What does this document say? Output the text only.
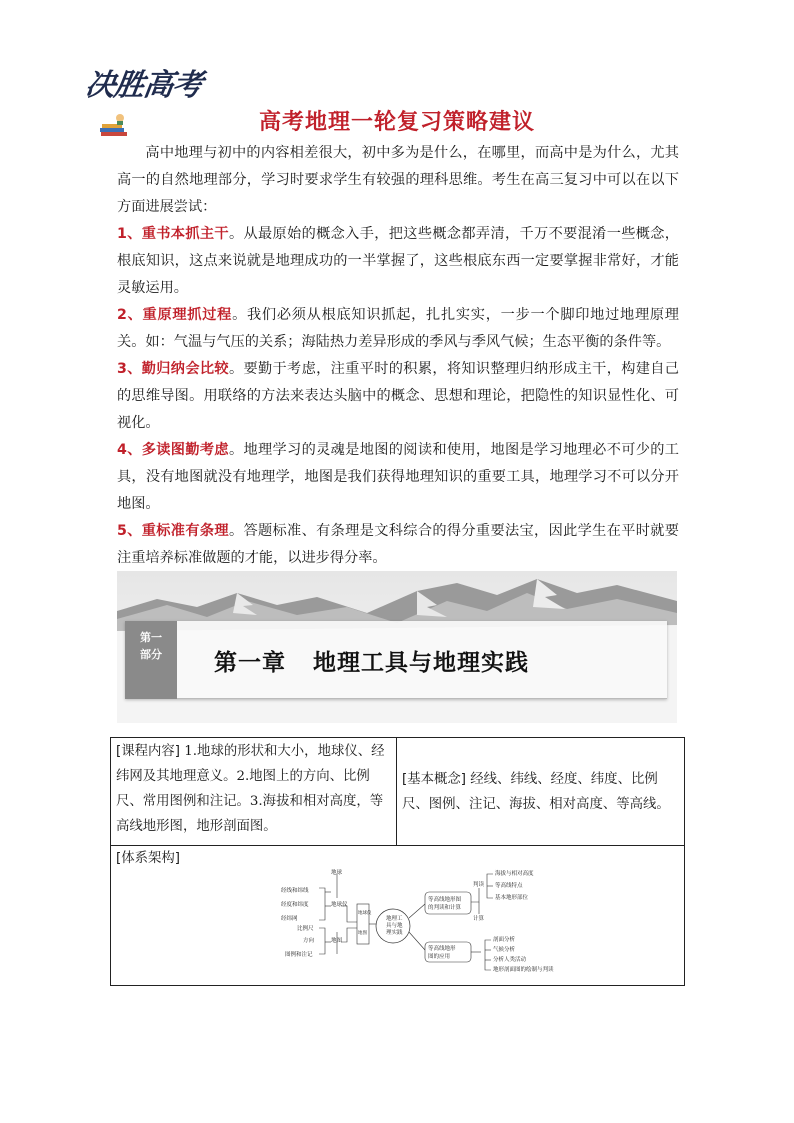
决胜高考
高考地理一轮复习策略建议

高中地理与初中的内容相差很大，初中多为是什么，在哪里，而高中是为什么，尤其高一的自然地理部分，学习时要求学生有较强的理科思维。考生在高三复习中可以在以下方面进展尝试：

1、重书本抓主干。从最原始的概念入手，把这些概念都弄清，千万不要混淆一些概念，根底知识，这点来说就是地理成功的一半掌握了，这些根底东西一定要掌握非常好，才能灵敏运用。

2、重原理抓过程。我们必须从根底知识抓起，扎扎实实，一步一个脚印地过地理原理关。如：气温与气压的关系；海陆热力差异形成的季风与季风气候；生态平衡的条件等。

3、勤归纳会比较。要勤于考虑，注重平时的积累，将知识整理归纳形成主干，构建自己的思维导图。用联络的方法来表达头脑中的概念、思想和理论，把隐性的知识显性化、可视化。

4、多读图勤考虑。地理学习的灵魂是地图的阅读和使用，地图是学习地理必不可少的工具，没有地图就没有地理学，地图是我们获得地理知识的重要工具，地理学习不可以分开地图。

5、重标准有条理。答题标准、有条理是文科综合的得分重要法宝，因此学生在平时就要注重培养标准做题的才能，以进步得分率。

第一
部分	第一章   地理工具与地理实践
[课程内容] 1.地球的形状和大小，地球仪、经纬网及其地理意义。2.地图上的方向、比例尺、常用图例和注记。3.海拔和相对高度，等高线地形图，地形剖面图。	[基本概念] 经线、纬线、经度、纬度、比例尺、图例、注记、海拔、相对高度、等高线。
[体系架构]
地理工
具与地
理实践
地球仪
地图
地球
经线和纬线
经度和纬度
经纬网
地球仪
比例尺
方向
图例和注记
地图
等高线地形图
的判读和计算
等高线地形
图的应用
判读
计算
海拔与相对高度
等高线特点
基本地形部位
剖面分析
气候分析
分析人类活动
地形剖面图的绘制与判读
